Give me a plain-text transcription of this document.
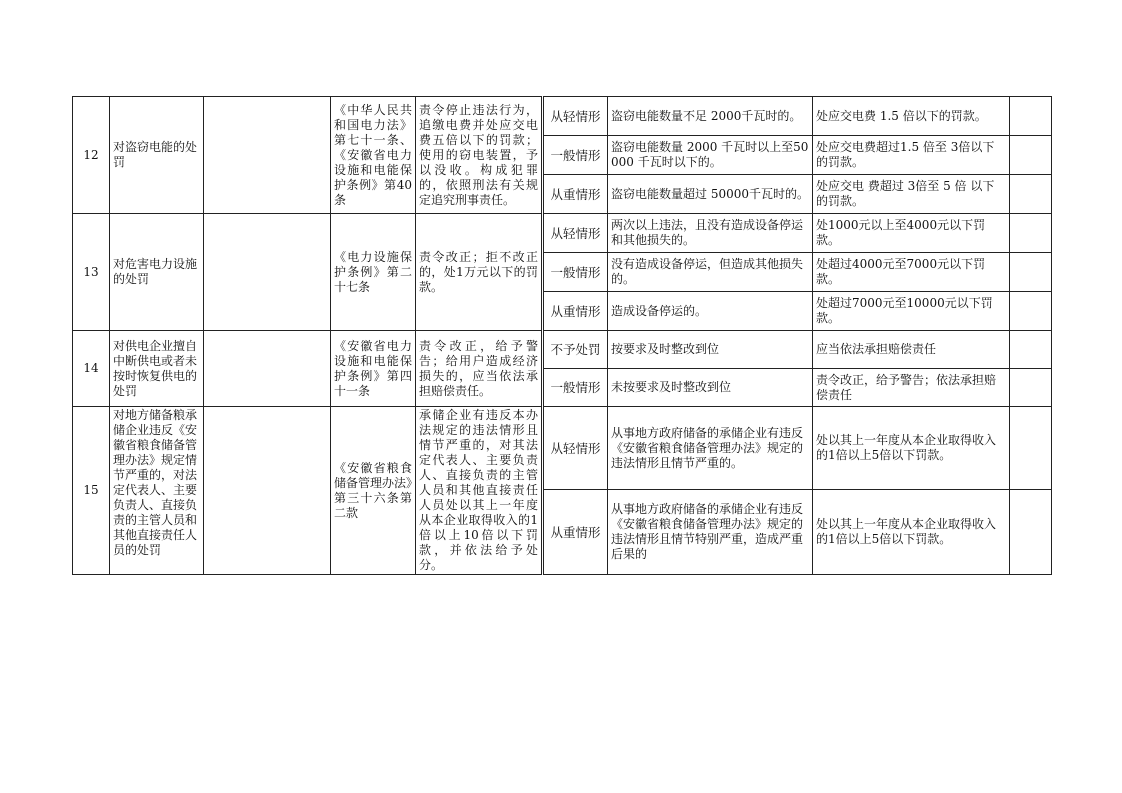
12	对盗窃电能的处罚		《中华人民共和国电力法》第七十一条、《安徽省电力设施和电能保护条例》第40条	责令停止违法行为，追缴电费并处应交电费五倍以下的罚款；使用的窃电装置，予以没收。构成犯罪的，依照刑法有关规定追究刑事责任。	从轻情形	盗窃电能数量不足 2000千瓦时的。	处应交电费 1.5 倍以下的罚款。	
					一般情形	盗窃电能数量 2000 千瓦时以上至50000 千瓦时以下的。	处应交电费超过1.5 倍至 3倍以下的罚款。	
					从重情形	盗窃电能数量超过 50000千瓦时的。	处应交电 费超过 3倍至 5 倍 以下的罚款。	
13	对危害电力设施的处罚		《电力设施保护条例》第二十七条	责令改正；拒不改正的，处1万元以下的罚款。	从轻情形	两次以上违法，且没有造成设备停运和其他损失的。	处1000元以上至4000元以下罚款。	
					一般情形	没有造成设备停运，但造成其他损失的。	处超过4000元至7000元以下罚款。	
					从重情形	造成设备停运的。	处超过7000元至10000元以下罚款。	
14	对供电企业擅自中断供电或者未按时恢复供电的处罚		《安徽省电力设施和电能保护条例》第四十一条	责令改正，给予警告；给用户造成经济损失的，应当依法承担赔偿责任。	不予处罚	按要求及时整改到位	应当依法承担赔偿责任	
					一般情形	未按要求及时整改到位	责令改正，给予警告；依法承担赔偿责任	
15	对地方储备粮承储企业违反《安徽省粮食储备管理办法》规定情节严重的，对法定代表人、主要负责人、直接负责的主管人员和其他直接责任人员的处罚		《安徽省粮食储备管理办法》第三十六条第二款	承储企业有违反本办法规定的违法情形且情节严重的，对其法定代表人、主要负责人、直接负责的主管人员和其他直接责任人员处以其上一年度从本企业取得收入的1倍以上10倍以下罚款，并依法给予处分。	从轻情形	从事地方政府储备的承储企业有违反《安徽省粮食储备管理办法》规定的违法情形且情节严重的。	处以其上一年度从本企业取得收入的1倍以上5倍以下罚款。	
					从重情形	从事地方政府储备的承储企业有违反《安徽省粮食储备管理办法》规定的违法情形且情节特别严重，造成严重后果的	处以其上一年度从本企业取得收入的1倍以上5倍以下罚款。	
